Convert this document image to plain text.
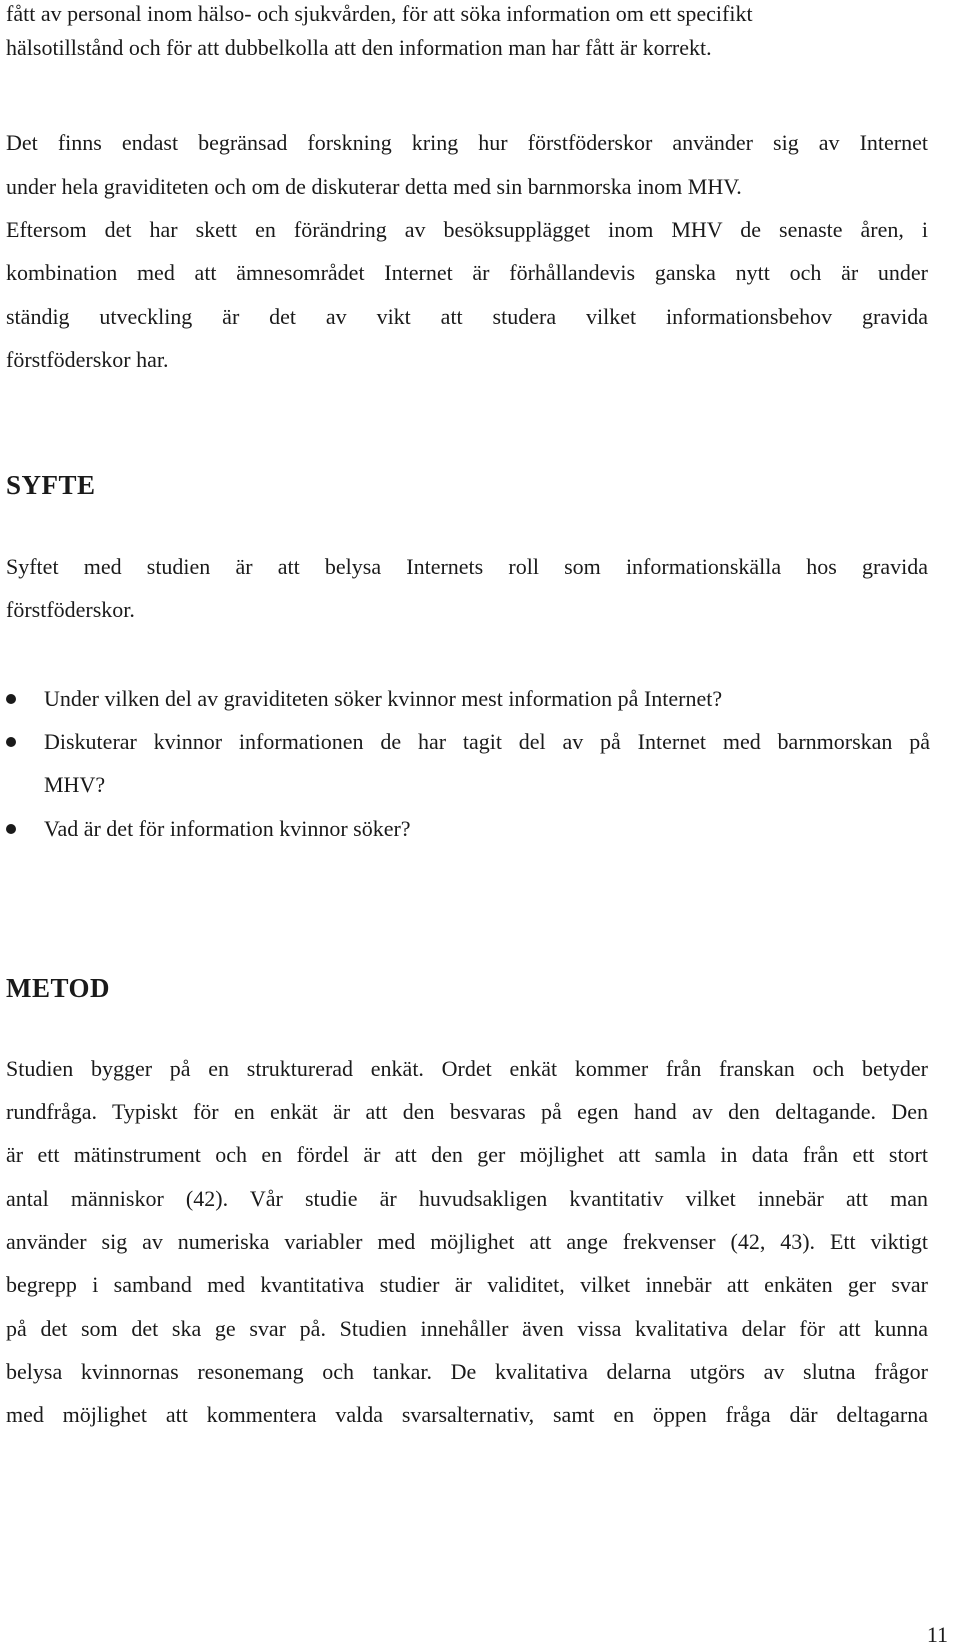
fått av personal inom hälso- och sjukvården, för att söka information om ett specifikt
hälsotillstånd och för att dubbelkolla att den information man har fått är korrekt.
Det finns endast begränsad forskning kring hur förstföderskor använder sig av Internet
under hela graviditeten och om de diskuterar detta med sin barnmorska inom MHV.
Eftersom det har skett en förändring av besöksupplägget inom MHV de senaste åren, i
kombination med att ämnesområdet Internet är förhållandevis ganska nytt och är under
ständig utveckling är det av vikt att studera vilket informationsbehov gravida
förstföderskor har.
SYFTE
Syftet med studien är att belysa Internets roll som informationskälla hos gravida
förstföderskor.
Under vilken del av graviditeten söker kvinnor mest information på Internet?
Diskuterar kvinnor informationen de har tagit del av på Internet med barnmorskan på
MHV?
Vad är det för information kvinnor söker?
METOD
Studien bygger på en strukturerad enkät. Ordet enkät kommer från franskan och betyder
rundfråga. Typiskt för en enkät är att den besvaras på egen hand av den deltagande. Den
är ett mätinstrument och en fördel är att den ger möjlighet att samla in data från ett stort
antal människor (42). Vår studie är huvudsakligen kvantitativ vilket innebär att man
använder sig av numeriska variabler med möjlighet att ange frekvenser (42, 43). Ett viktigt
begrepp i samband med kvantitativa studier är validitet, vilket innebär att enkäten ger svar
på det som det ska ge svar på. Studien innehåller även vissa kvalitativa delar för att kunna
belysa kvinnornas resonemang och tankar. De kvalitativa delarna utgörs av slutna frågor
med möjlighet att kommentera valda svarsalternativ, samt en öppen fråga där deltagarna
11
